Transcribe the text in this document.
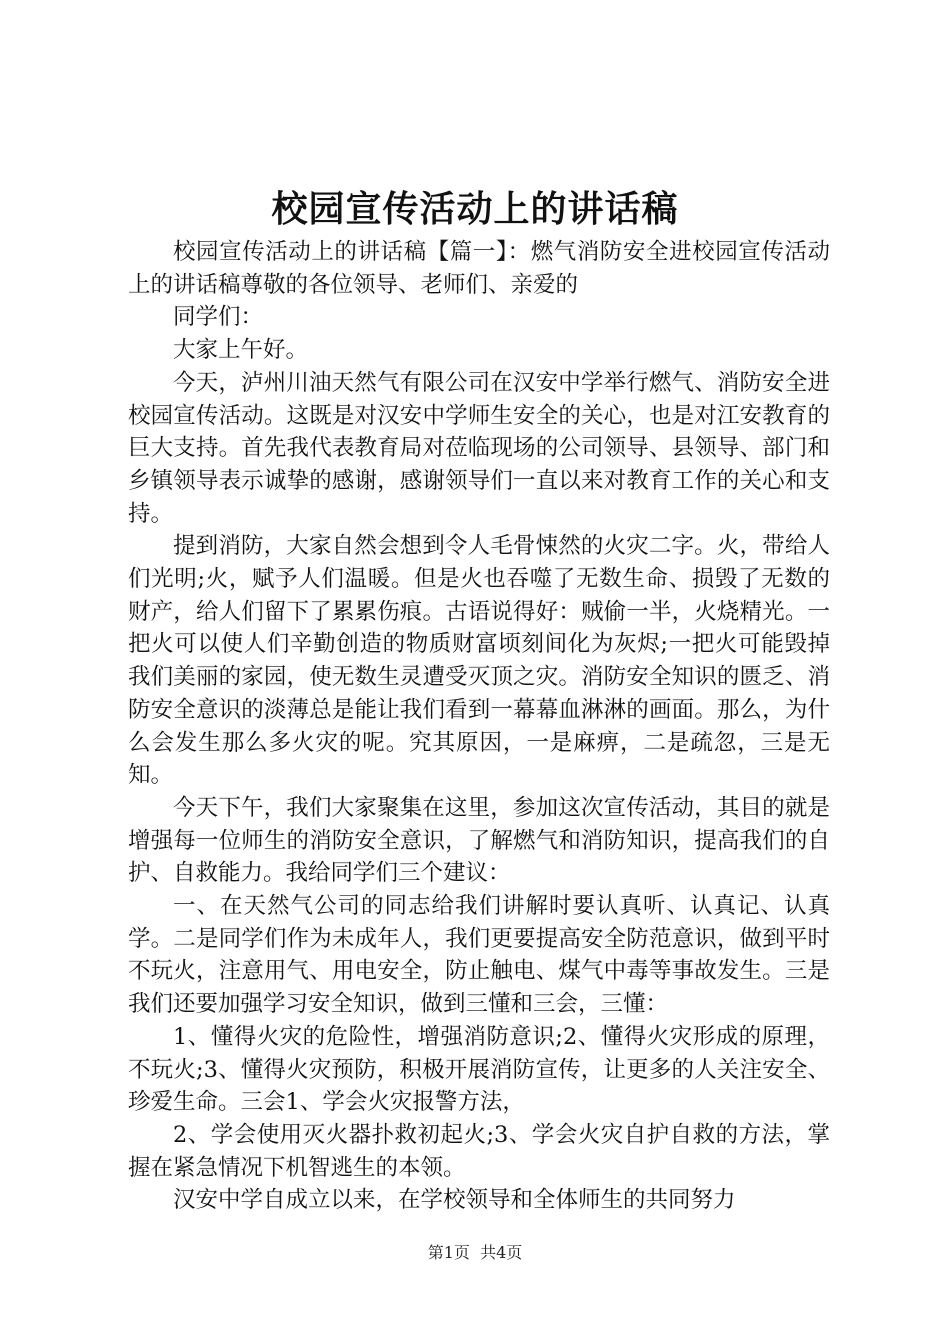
校园宣传活动上的讲话稿

校园宣传活动上的讲话稿【篇一】：燃气消防安全进校园宣传活动上的讲话稿尊敬的各位领导、老师们、亲爱的

同学们：

大家上午好。

今天，泸州川油天然气有限公司在汉安中学举行燃气、消防安全进校园宣传活动。这既是对汉安中学师生安全的关心，也是对江安教育的巨大支持。首先我代表教育局对莅临现场的公司领导、县领导、部门和乡镇领导表示诚挚的感谢，感谢领导们一直以来对教育工作的关心和支持。

提到消防，大家自然会想到令人毛骨悚然的火灾二字。火，带给人们光明;火，赋予人们温暖。但是火也吞噬了无数生命、损毁了无数的财产，给人们留下了累累伤痕。古语说得好：贼偷一半，火烧精光。一把火可以使人们辛勤创造的物质财富顷刻间化为灰烬;一把火可能毁掉我们美丽的家园，使无数生灵遭受灭顶之灾。消防安全知识的匮乏、消防安全意识的淡薄总是能让我们看到一幕幕血淋淋的画面。那么，为什么会发生那么多火灾的呢。究其原因，一是麻痹，二是疏忽，三是无知。

今天下午，我们大家聚集在这里，参加这次宣传活动，其目的就是增强每一位师生的消防安全意识，了解燃气和消防知识，提高我们的自护、自救能力。我给同学们三个建议：

一、在天然气公司的同志给我们讲解时要认真听、认真记、认真学。二是同学们作为未成年人，我们更要提高安全防范意识，做到平时不玩火，注意用气、用电安全，防止触电、煤气中毒等事故发生。三是我们还要加强学习安全知识，做到三懂和三会，三懂：

1、懂得火灾的危险性，增强消防意识;2、懂得火灾形成的原理，不玩火;3、懂得火灾预防，积极开展消防宣传，让更多的人关注安全、珍爱生命。三会1、学会火灾报警方法，

2、学会使用灭火器扑救初起火;3、学会火灾自护自救的方法，掌握在紧急情况下机智逃生的本领。

汉安中学自成立以来，在学校领导和全体师生的共同努力

第1页  共4页
